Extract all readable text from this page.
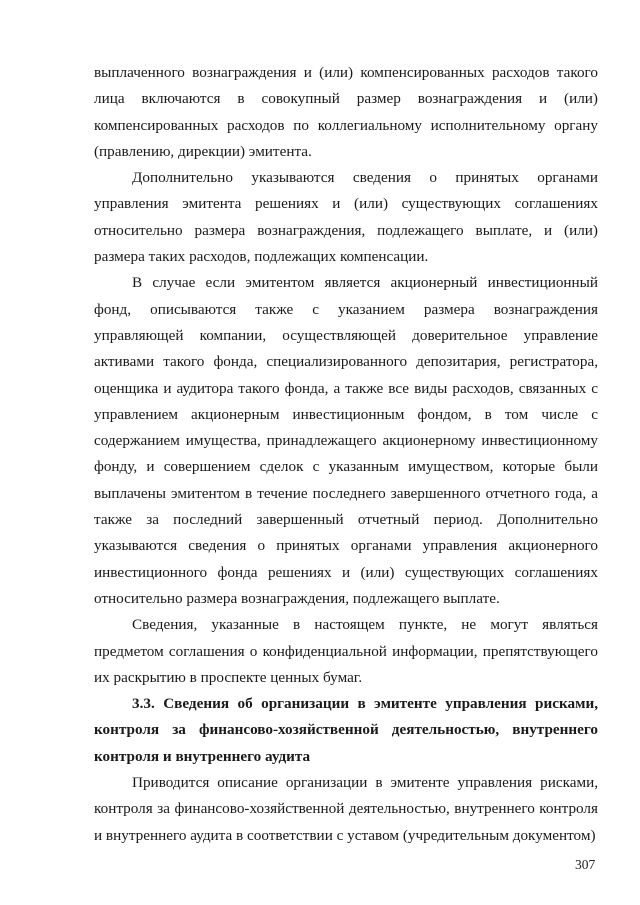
выплаченного вознаграждения и (или) компенсированных расходов такого лица включаются в совокупный размер вознаграждения и (или) компенсированных расходов по коллегиальному исполнительному органу (правлению, дирекции) эмитента.

Дополнительно указываются сведения о принятых органами управления эмитента решениях и (или) существующих соглашениях относительно размера вознаграждения, подлежащего выплате, и (или) размера таких расходов, подлежащих компенсации.

В случае если эмитентом является акционерный инвестиционный фонд, описываются также с указанием размера вознаграждения управляющей компании, осуществляющей доверительное управление активами такого фонда, специализированного депозитария, регистратора, оценщика и аудитора такого фонда, а также все виды расходов, связанных с управлением акционерным инвестиционным фондом, в том числе с содержанием имущества, принадлежащего акционерному инвестиционному фонду, и совершением сделок с указанным имуществом, которые были выплачены эмитентом в течение последнего завершенного отчетного года, а также за последний завершенный отчетный период. Дополнительно указываются сведения о принятых органами управления акционерного инвестиционного фонда решениях и (или) существующих соглашениях относительно размера вознаграждения, подлежащего выплате.

Сведения, указанные в настоящем пункте, не могут являться предметом соглашения о конфиденциальной информации, препятствующего их раскрытию в проспекте ценных бумаг.

3.3. Сведения об организации в эмитенте управления рисками, контроля за финансово-хозяйственной деятельностью, внутреннего контроля и внутреннего аудита

Приводится описание организации в эмитенте управления рисками, контроля за финансово-хозяйственной деятельностью, внутреннего контроля и внутреннего аудита в соответствии с уставом (учредительным документом)

307
